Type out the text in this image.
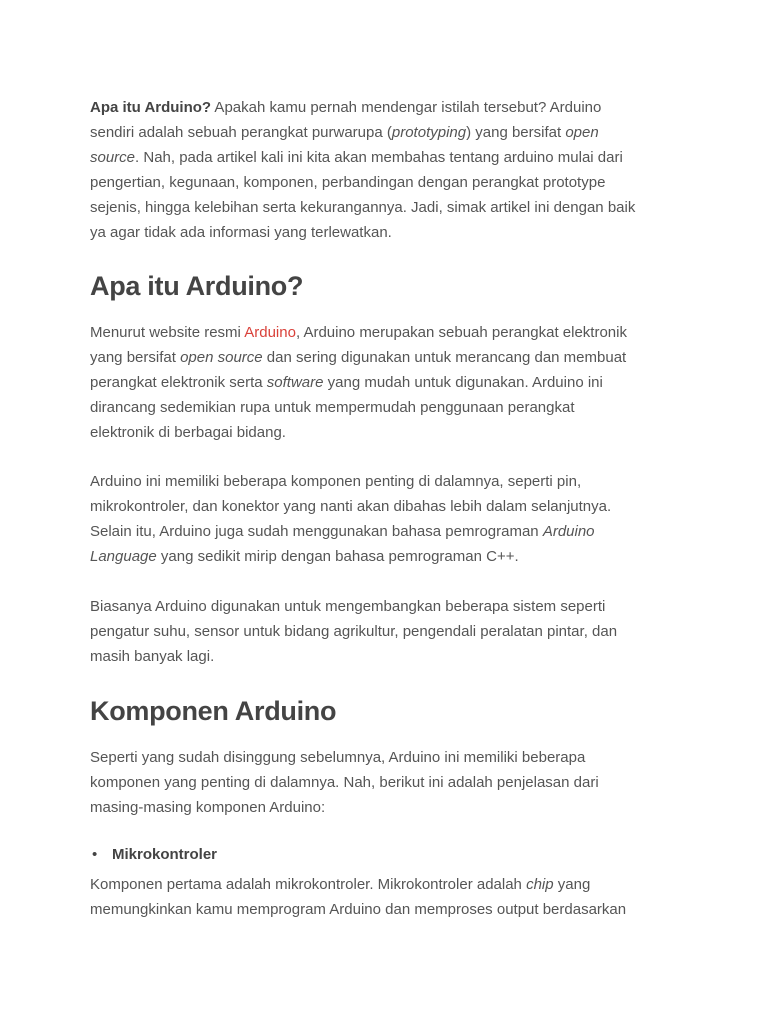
Apa itu Arduino? Apakah kamu pernah mendengar istilah tersebut? Arduino
sendiri adalah sebuah perangkat purwarupa (prototyping) yang bersifat open
source. Nah, pada artikel kali ini kita akan membahas tentang arduino mulai dari
pengertian, kegunaan, komponen, perbandingan dengan perangkat prototype
sejenis, hingga kelebihan serta kekurangannya. Jadi, simak artikel ini dengan baik
ya agar tidak ada informasi yang terlewatkan.
Apa itu Arduino?
Menurut website resmi Arduino, Arduino merupakan sebuah perangkat elektronik
yang bersifat open source dan sering digunakan untuk merancang dan membuat
perangkat elektronik serta software yang mudah untuk digunakan. Arduino ini
dirancang sedemikian rupa untuk mempermudah penggunaan perangkat
elektronik di berbagai bidang.
Arduino ini memiliki beberapa komponen penting di dalamnya, seperti pin,
mikrokontroler, dan konektor yang nanti akan dibahas lebih dalam selanjutnya.
Selain itu, Arduino juga sudah menggunakan bahasa pemrograman Arduino
Language yang sedikit mirip dengan bahasa pemrograman C++.
Biasanya Arduino digunakan untuk mengembangkan beberapa sistem seperti
pengatur suhu, sensor untuk bidang agrikultur, pengendali peralatan pintar, dan
masih banyak lagi.
Komponen Arduino
Seperti yang sudah disinggung sebelumnya, Arduino ini memiliki beberapa
komponen yang penting di dalamnya. Nah, berikut ini adalah penjelasan dari
masing-masing komponen Arduino:
• Mikrokontroler
Komponen pertama adalah mikrokontroler. Mikrokontroler adalah chip yang
memungkinkan kamu memprogram Arduino dan memproses output berdasarkan
